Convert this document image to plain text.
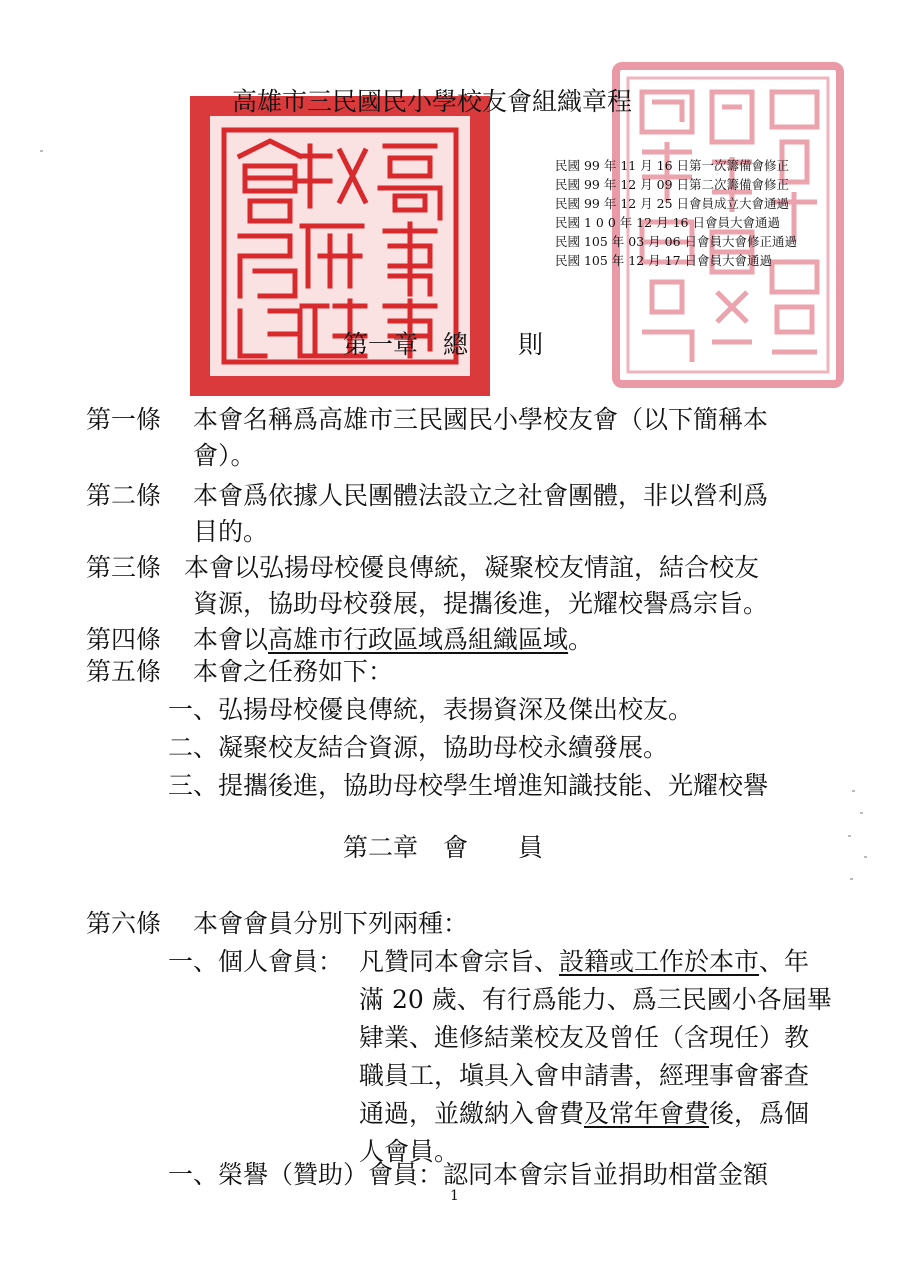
高雄市三民國民小學校友會組織章程
民國 99 年 11 月 16 日第一次籌備會修正
民國 99 年 12 月 09 日第二次籌備會修正
民國 99 年 12 月 25 日會員成立大會通過
民國 1 0 0 年 12 月 16 日會員大會通過
民國 105 年 03 月 06 日會員大會修正通過
民國 105 年 12 月 17 日會員大會通過
第一章　總　　則
第一條 本會名稱爲高雄市三民國民小學校友會（以下簡稱本
會）。
第二條 本會爲依據人民團體法設立之社會團體，非以營利爲
目的。
第三條 本會以弘揚母校優良傳統，凝聚校友情誼，結合校友
資源，協助母校發展，提攜後進，光耀校譽爲宗旨。
第四條 本會以高雄市行政區域爲組織區域。
第五條 本會之任務如下：
一、弘揚母校優良傳統，表揚資深及傑出校友。
二、凝聚校友結合資源，協助母校永續發展。
三、提攜後進，協助母校學生增進知識技能、光耀校譽
第二章　會　　員
第六條 本會會員分別下列兩種：
一、個人會員： 凡贊同本會宗旨、設籍或工作於本市、年
滿 20 歲、有行爲能力、爲三民國小各屆畢
肄業、進修結業校友及曾任（含現任）教
職員工，塡具入會申請書，經理事會審查
通過，並繳納入會費及常年會費後，爲個
人會員。
一、榮譽（贊助）會員：認同本會宗旨並捐助相當金額
1
